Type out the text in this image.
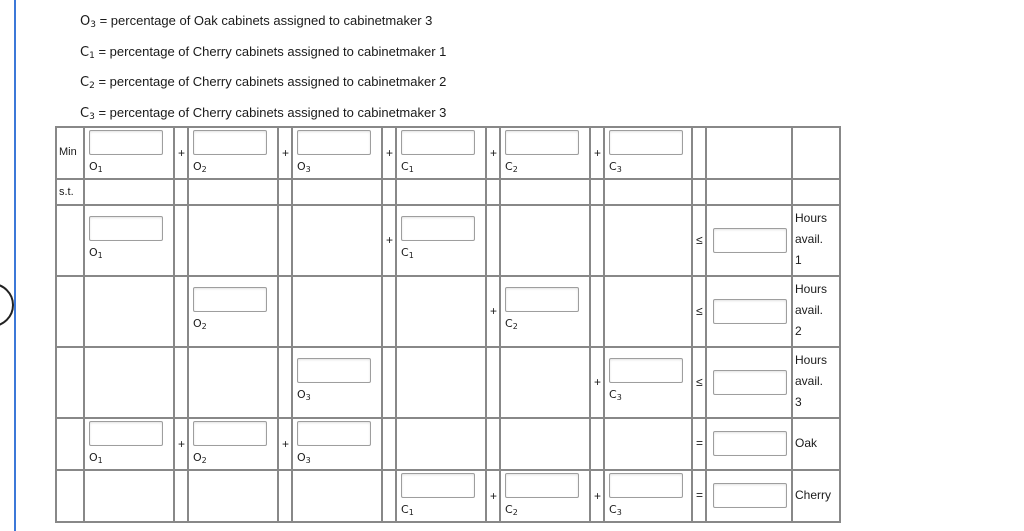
$O_3$ = percentage of Oak cabinets assigned to cabinetmaker 3
$C_1$ = percentage of Cherry cabinets assigned to cabinetmaker 1
$C_2$ = percentage of Cherry cabinets assigned to cabinetmaker 2
$C_3$ = percentage of Cherry cabinets assigned to cabinetmaker 3
Min	$O_1$	+	$O_2$	+	$O_3$	+	$C_1$	+	$C_2$	+	$C_3$

s.t.														

	$O_1$					+	$C_1$					≤		Hours
avail.
1

			$O_2$					+	$C_2$			≤		Hours
avail.
2

					$O_3$					+	$C_3$	≤		Hours
avail.
3

	$O_1$	+	$O_2$	+	$O_3$							=		Oak

							$C_1$	+	$C_2$	+	$C_3$	=		Cherry
